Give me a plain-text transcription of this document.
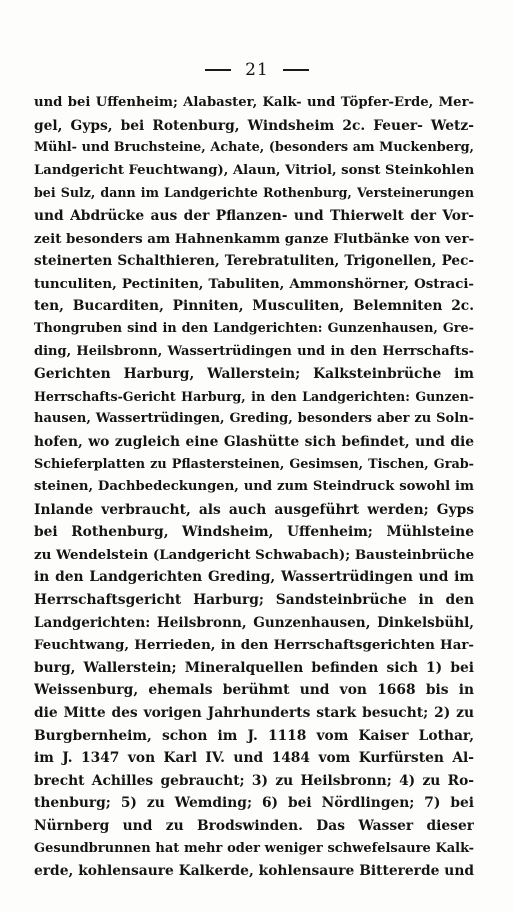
21
und bei Uffenheim; Alabaster, Kalk- und Töpfer-Erde, Mer-
gel, Gyps, bei Rotenburg, Windsheim 2c. Feuer- Wetz-
Mühl- und Bruchsteine, Achate, (besonders am Muckenberg,
Landgericht Feuchtwang), Alaun, Vitriol, sonst Steinkohlen
bei Sulz, dann im Landgerichte Rothenburg, Versteinerungen
und Abdrücke aus der Pflanzen- und Thierwelt der Vor-
zeit besonders am Hahnenkamm ganze Flutbänke von ver-
steinerten Schalthieren, Terebratuliten, Trigonellen, Pec-
tunculiten, Pectiniten, Tabuliten, Ammonshörner, Ostraci-
ten, Bucarditen, Pinniten, Musculiten, Belemniten 2c.
Thongruben sind in den Landgerichten: Gunzenhausen, Gre-
ding, Heilsbronn, Wassertrüdingen und in den Herrschafts-
Gerichten Harburg, Wallerstein; Kalksteinbrüche im
Herrschafts-Gericht Harburg, in den Landgerichten: Gunzen-
hausen, Wassertrüdingen, Greding, besonders aber zu Soln-
hofen, wo zugleich eine Glashütte sich befindet, und die
Schieferplatten zu Pflastersteinen, Gesimsen, Tischen, Grab-
steinen, Dachbedeckungen, und zum Steindruck sowohl im
Inlande verbraucht, als auch ausgeführt werden; Gyps
bei Rothenburg, Windsheim, Uffenheim; Mühlsteine
zu Wendelstein (Landgericht Schwabach); Bausteinbrüche
in den Landgerichten Greding, Wassertrüdingen und im
Herrschaftsgericht Harburg; Sandsteinbrüche in den
Landgerichten: Heilsbronn, Gunzenhausen, Dinkelsbühl,
Feuchtwang, Herrieden, in den Herrschaftsgerichten Har-
burg, Wallerstein; Mineralquellen befinden sich 1) bei
Weissenburg, ehemals berühmt und von 1668 bis in
die Mitte des vorigen Jahrhunderts stark besucht; 2) zu
Burgbernheim, schon im J. 1118 vom Kaiser Lothar,
im J. 1347 von Karl IV. und 1484 vom Kurfürsten Al-
brecht Achilles gebraucht; 3) zu Heilsbronn; 4) zu Ro-
thenburg; 5) zu Wemding; 6) bei Nördlingen; 7) bei
Nürnberg und zu Brodswinden. Das Wasser dieser
Gesundbrunnen hat mehr oder weniger schwefelsaure Kalk-
erde, kohlensaure Kalkerde, kohlensaure Bittererde und
